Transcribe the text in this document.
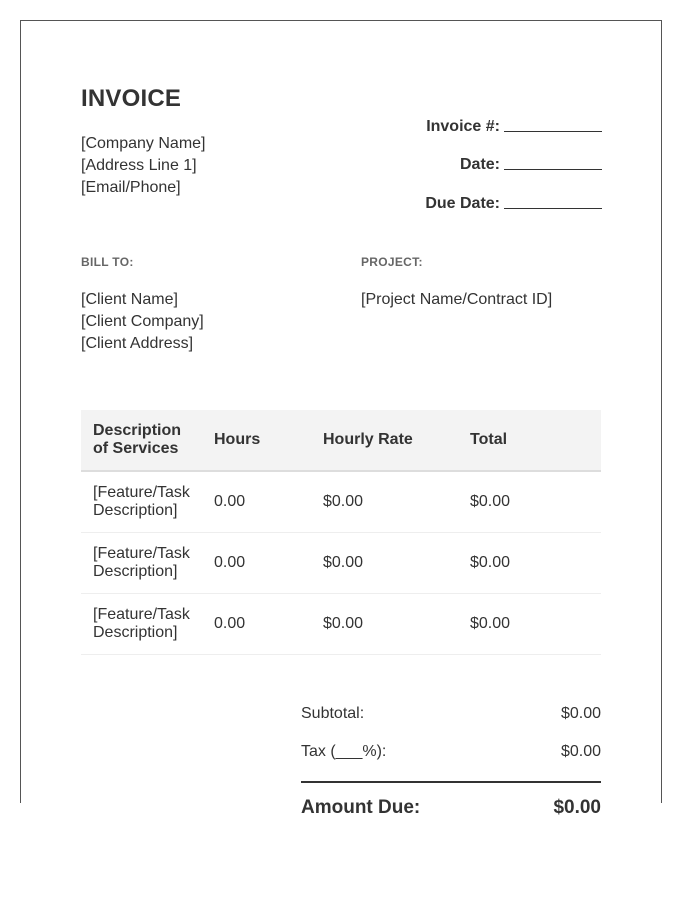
INVOICE
[Company Name]
[Address Line 1]
[Email/Phone]
Invoice #:
Date:
Due Date:
BILL TO:	PROJECT:
[Client Name]
[Client Company]
[Client Address]
[Project Name/Contract ID]
Description of Services	Hours	Hourly Rate	Total
[Feature/Task Description]	0.00	$0.00	$0.00
[Feature/Task Description]	0.00	$0.00	$0.00
[Feature/Task Description]	0.00	$0.00	$0.00
Subtotal:	$0.00
Tax (___%):	$0.00
Amount Due:	$0.00
